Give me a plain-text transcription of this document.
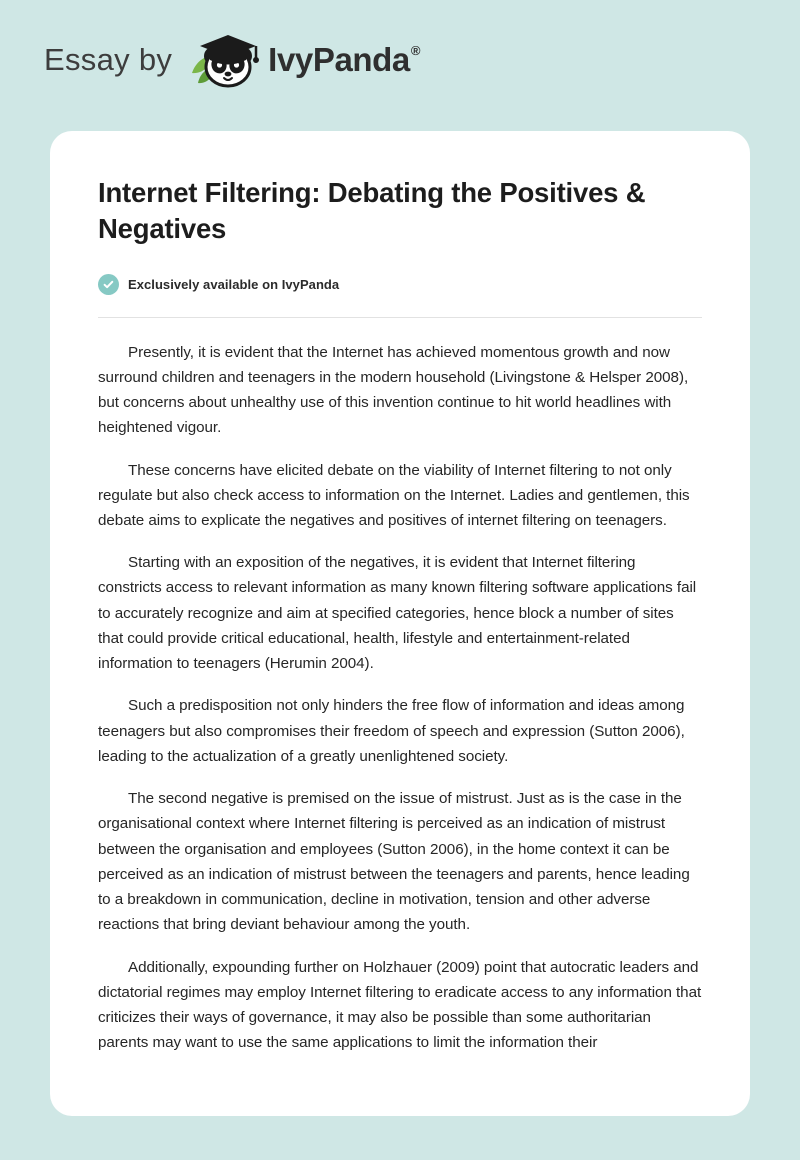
Essay by	IvyPanda®
Internet Filtering: Debating the Positives & Negatives
Exclusively available on IvyPanda

Presently, it is evident that the Internet has achieved momentous growth and now surround children and teenagers in the modern household (Livingstone & Helsper 2008), but concerns about unhealthy use of this invention continue to hit world headlines with heightened vigour.

These concerns have elicited debate on the viability of Internet filtering to not only regulate but also check access to information on the Internet. Ladies and gentlemen, this debate aims to explicate the negatives and positives of internet filtering on teenagers.

Starting with an exposition of the negatives, it is evident that Internet filtering constricts access to relevant information as many known filtering software applications fail to accurately recognize and aim at specified categories, hence block a number of sites that could provide critical educational, health, lifestyle and entertainment-related information to teenagers (Herumin 2004).

Such a predisposition not only hinders the free flow of information and ideas among teenagers but also compromises their freedom of speech and expression (Sutton 2006), leading to the actualization of a greatly unenlightened society.

The second negative is premised on the issue of mistrust. Just as is the case in the organisational context where Internet filtering is perceived as an indication of mistrust between the organisation and employees (Sutton 2006), in the home context it can be perceived as an indication of mistrust between the teenagers and parents, hence leading to a breakdown in communication, decline in motivation, tension and other adverse reactions that bring deviant behaviour among the youth.

Additionally, expounding further on Holzhauer (2009) point that autocratic leaders and dictatorial regimes may employ Internet filtering to eradicate access to any information that criticizes their ways of governance, it may also be possible than some authoritarian parents may want to use the same applications to limit the information their
